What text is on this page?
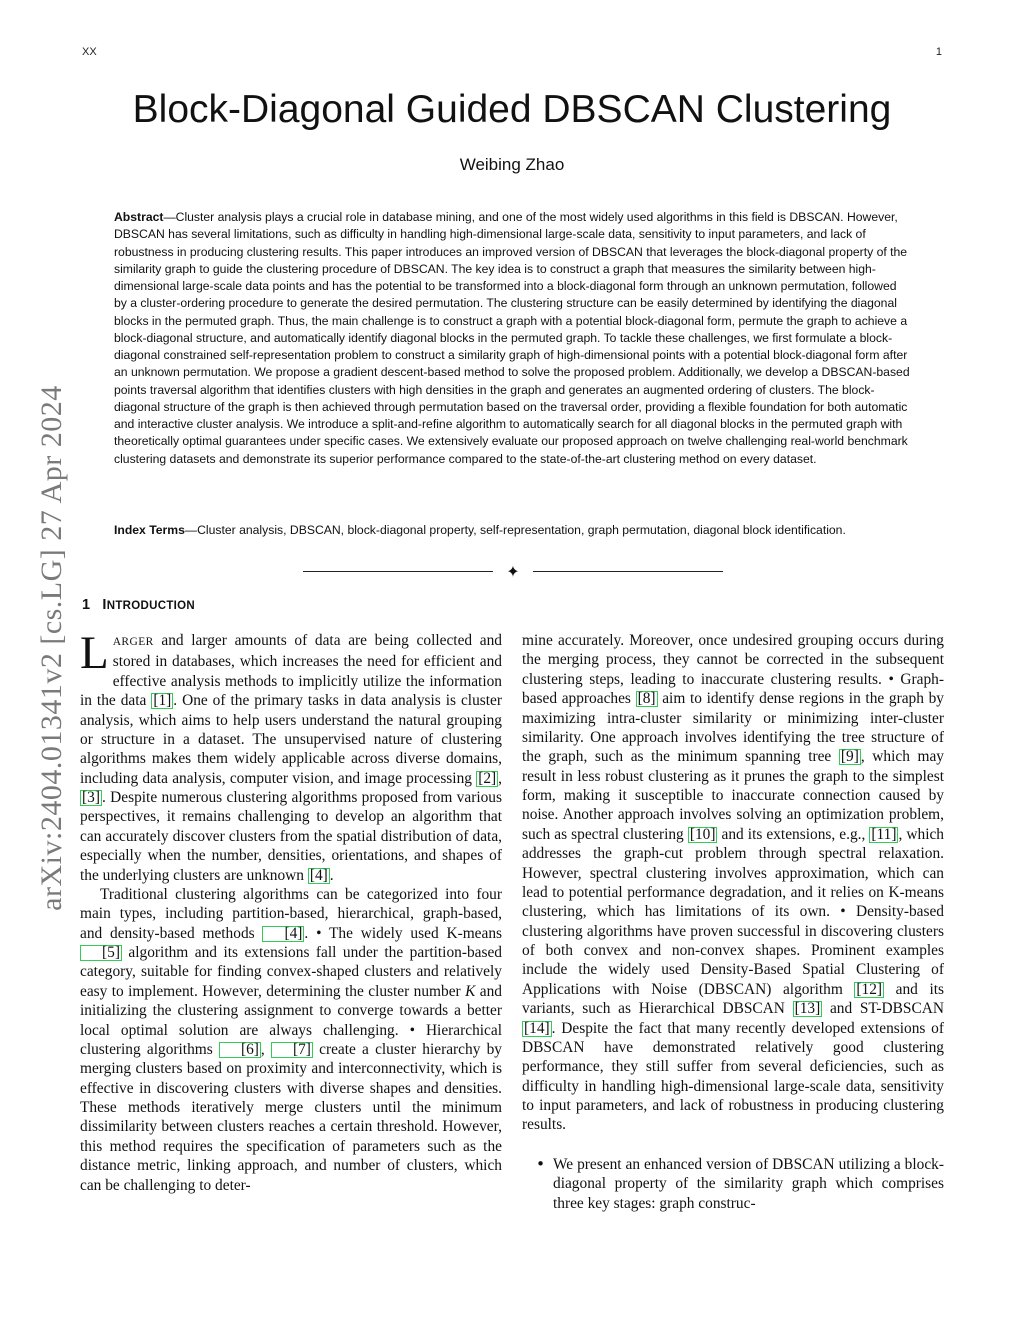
XX	1
arXiv:2404.01341v2 [cs.LG] 27 Apr 2024
Block-Diagonal Guided DBSCAN Clustering
Weibing Zhao

Abstract—Cluster analysis plays a crucial role in database mining, and one of the most widely used algorithms in this field is DBSCAN. However, DBSCAN has several limitations, such as difficulty in handling high-dimensional large-scale data, sensitivity to input parameters, and lack of robustness in producing clustering results. This paper introduces an improved version of DBSCAN that leverages the block-diagonal property of the similarity graph to guide the clustering procedure of DBSCAN. The key idea is to construct a graph that measures the similarity between high-dimensional large-scale data points and has the potential to be transformed into a block-diagonal form through an unknown permutation, followed by a cluster-ordering procedure to generate the desired permutation. The clustering structure can be easily determined by identifying the diagonal blocks in the permuted graph. Thus, the main challenge is to construct a graph with a potential block-diagonal form, permute the graph to achieve a block-diagonal structure, and automatically identify diagonal blocks in the permuted graph. To tackle these challenges, we first formulate a block-diagonal constrained self-representation problem to construct a similarity graph of high-dimensional points with a potential block-diagonal form after an unknown permutation. We propose a gradient descent-based method to solve the proposed problem. Additionally, we develop a DBSCAN-based points traversal algorithm that identifies clusters with high densities in the graph and generates an augmented ordering of clusters. The block-diagonal structure of the graph is then achieved through permutation based on the traversal order, providing a flexible foundation for both automatic and interactive cluster analysis. We introduce a split-and-refine algorithm to automatically search for all diagonal blocks in the permuted graph with theoretically optimal guarantees under specific cases. We extensively evaluate our proposed approach on twelve challenging real-world benchmark clustering datasets and demonstrate its superior performance compared to the state-of-the-art clustering method on every dataset.

Index Terms—Cluster analysis, DBSCAN, block-diagonal property, self-representation, graph permutation, diagonal block identification.

✦
1 INTRODUCTION

LARGER and larger amounts of data are being collected and stored in databases, which increases the need for efficient and effective analysis methods to implicitly utilize the information in the data [1] . One of the primary tasks in data analysis is cluster analysis, which aims to help users understand the natural grouping or structure in a dataset. The unsupervised nature of clustering algorithms makes them widely applicable across diverse domains, including data analysis, computer vision, and image processing [2] , [3] . Despite numerous clustering algorithms proposed from various perspectives, it remains challenging to develop an algorithm that can accurately discover clusters from the spatial distribution of data, especially when the number, densities, orientations, and shapes of the underlying clusters are unknown [4] .

Traditional clustering algorithms can be categorized into four main types, including partition-based, hierarchical, graph-based, and density-based methods [4] . • The widely used K-means [5] algorithm and its extensions fall under the partition-based category, suitable for finding convex-shaped clusters and relatively easy to implement. However, determining the cluster number K and initializing the clustering assignment to converge towards a better local optimal solution are always challenging. • Hierarchical clustering algorithms [6] , [7] create a cluster hierarchy by merging clusters based on proximity and interconnectivity, which is effective in discovering clusters with diverse shapes and densities. These methods iteratively merge clusters until the minimum dissimilarity between clusters reaches a certain threshold. However, this method requires the specification of parameters such as the distance metric, linking approach, and number of clusters, which can be challenging to deter-

mine accurately. Moreover, once undesired grouping occurs during the merging process, they cannot be corrected in the subsequent clustering steps, leading to inaccurate clustering results. • Graph-based approaches [8] aim to identify dense regions in the graph by maximizing intra-cluster similarity or minimizing inter-cluster similarity. One approach involves identifying the tree structure of the graph, such as the minimum spanning tree [9] , which may result in less robust clustering as it prunes the graph to the simplest form, making it susceptible to inaccurate connection caused by noise. Another approach involves solving an optimization problem, such as spectral clustering [10] and its extensions, e.g., [11] , which addresses the graph-cut problem through spectral relaxation. However, spectral clustering involves approximation, which can lead to potential performance degradation, and it relies on K-means clustering, which has limitations of its own. • Density-based clustering algorithms have proven successful in discovering clusters of both convex and non-convex shapes. Prominent examples include the widely used Density-Based Spatial Clustering of Applications with Noise (DBSCAN) algorithm [12] and its variants, such as Hierarchical DBSCAN [13] and ST-DBSCAN [14] . Despite the fact that many recently developed extensions of DBSCAN have demonstrated relatively good clustering performance, they still suffer from several deficiencies, such as difficulty in handling high-dimensional large-scale data, sensitivity to input parameters, and lack of robustness in producing clustering results.

• We present an enhanced version of DBSCAN utilizing a block-diagonal property of the similarity graph which comprises three key stages: graph construc-
